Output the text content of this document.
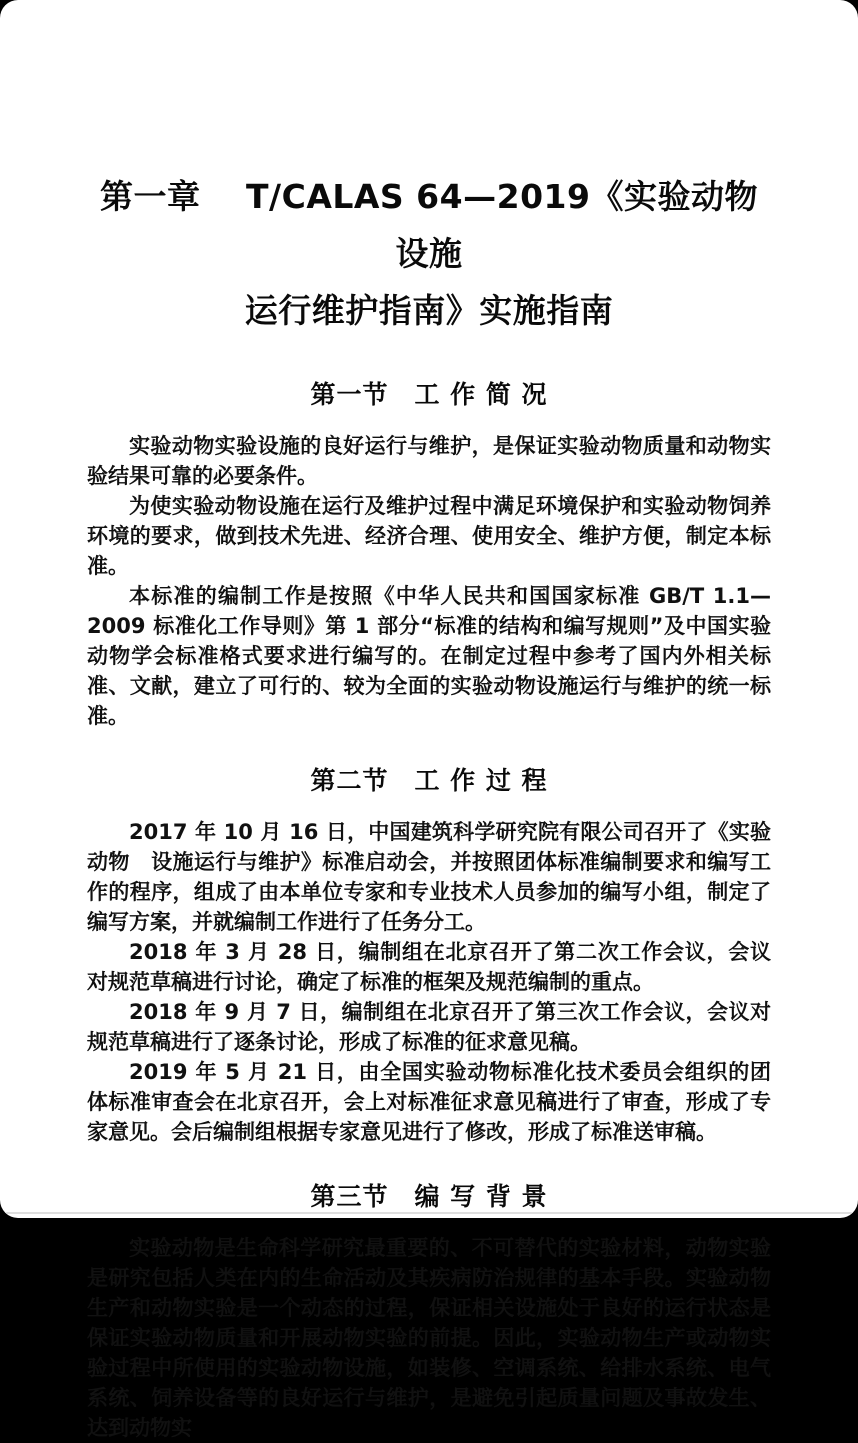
第一章　 T/CALAS 64—2019《实验动物　设施
运行维护指南》实施指南
第一节　工 作 简 况

实验动物实验设施的良好运行与维护，是保证实验动物质量和动物实验结果可靠的必要条件。

为使实验动物设施在运行及维护过程中满足环境保护和实验动物饲养环境的要求，做到技术先进、经济合理、使用安全、维护方便，制定本标准。

本标准的编制工作是按照《中华人民共和国国家标准 GB/T 1.1—2009 标准化工作导则》第 1 部分“标准的结构和编写规则”及中国实验动物学会标准格式要求进行编写的。在制定过程中参考了国内外相关标准、文献，建立了可行的、较为全面的实验动物设施运行与维护的统一标准。

第二节　工 作 过 程

2017 年 10 月 16 日，中国建筑科学研究院有限公司召开了《实验动物　设施运行与维护》标准启动会，并按照团体标准编制要求和编写工作的程序，组成了由本单位专家和专业技术人员参加的编写小组，制定了编写方案，并就编制工作进行了任务分工。

2018 年 3 月 28 日，编制组在北京召开了第二次工作会议，会议对规范草稿进行讨论，确定了标准的框架及规范编制的重点。

2018 年 9 月 7 日，编制组在北京召开了第三次工作会议，会议对规范草稿进行了逐条讨论，形成了标准的征求意见稿。

2019 年 5 月 21 日，由全国实验动物标准化技术委员会组织的团体标准审查会在北京召开，会上对标准征求意见稿进行了审查，形成了专家意见。会后编制组根据专家意见进行了修改，形成了标准送审稿。

第三节　编 写 背 景

实验动物是生命科学研究最重要的、不可替代的实验材料，动物实验是研究包括人类在内的生命活动及其疾病防治规律的基本手段。实验动物生产和动物实验是一个动态的过程，保证相关设施处于良好的运行状态是保证实验动物质量和开展动物实验的前提。因此，实验动物生产或动物实验过程中所使用的实验动物设施，如装修、空调系统、给排水系统、电气系统、饲养设备等的良好运行与维护，是避免引起质量问题及事故发生、达到动物实
